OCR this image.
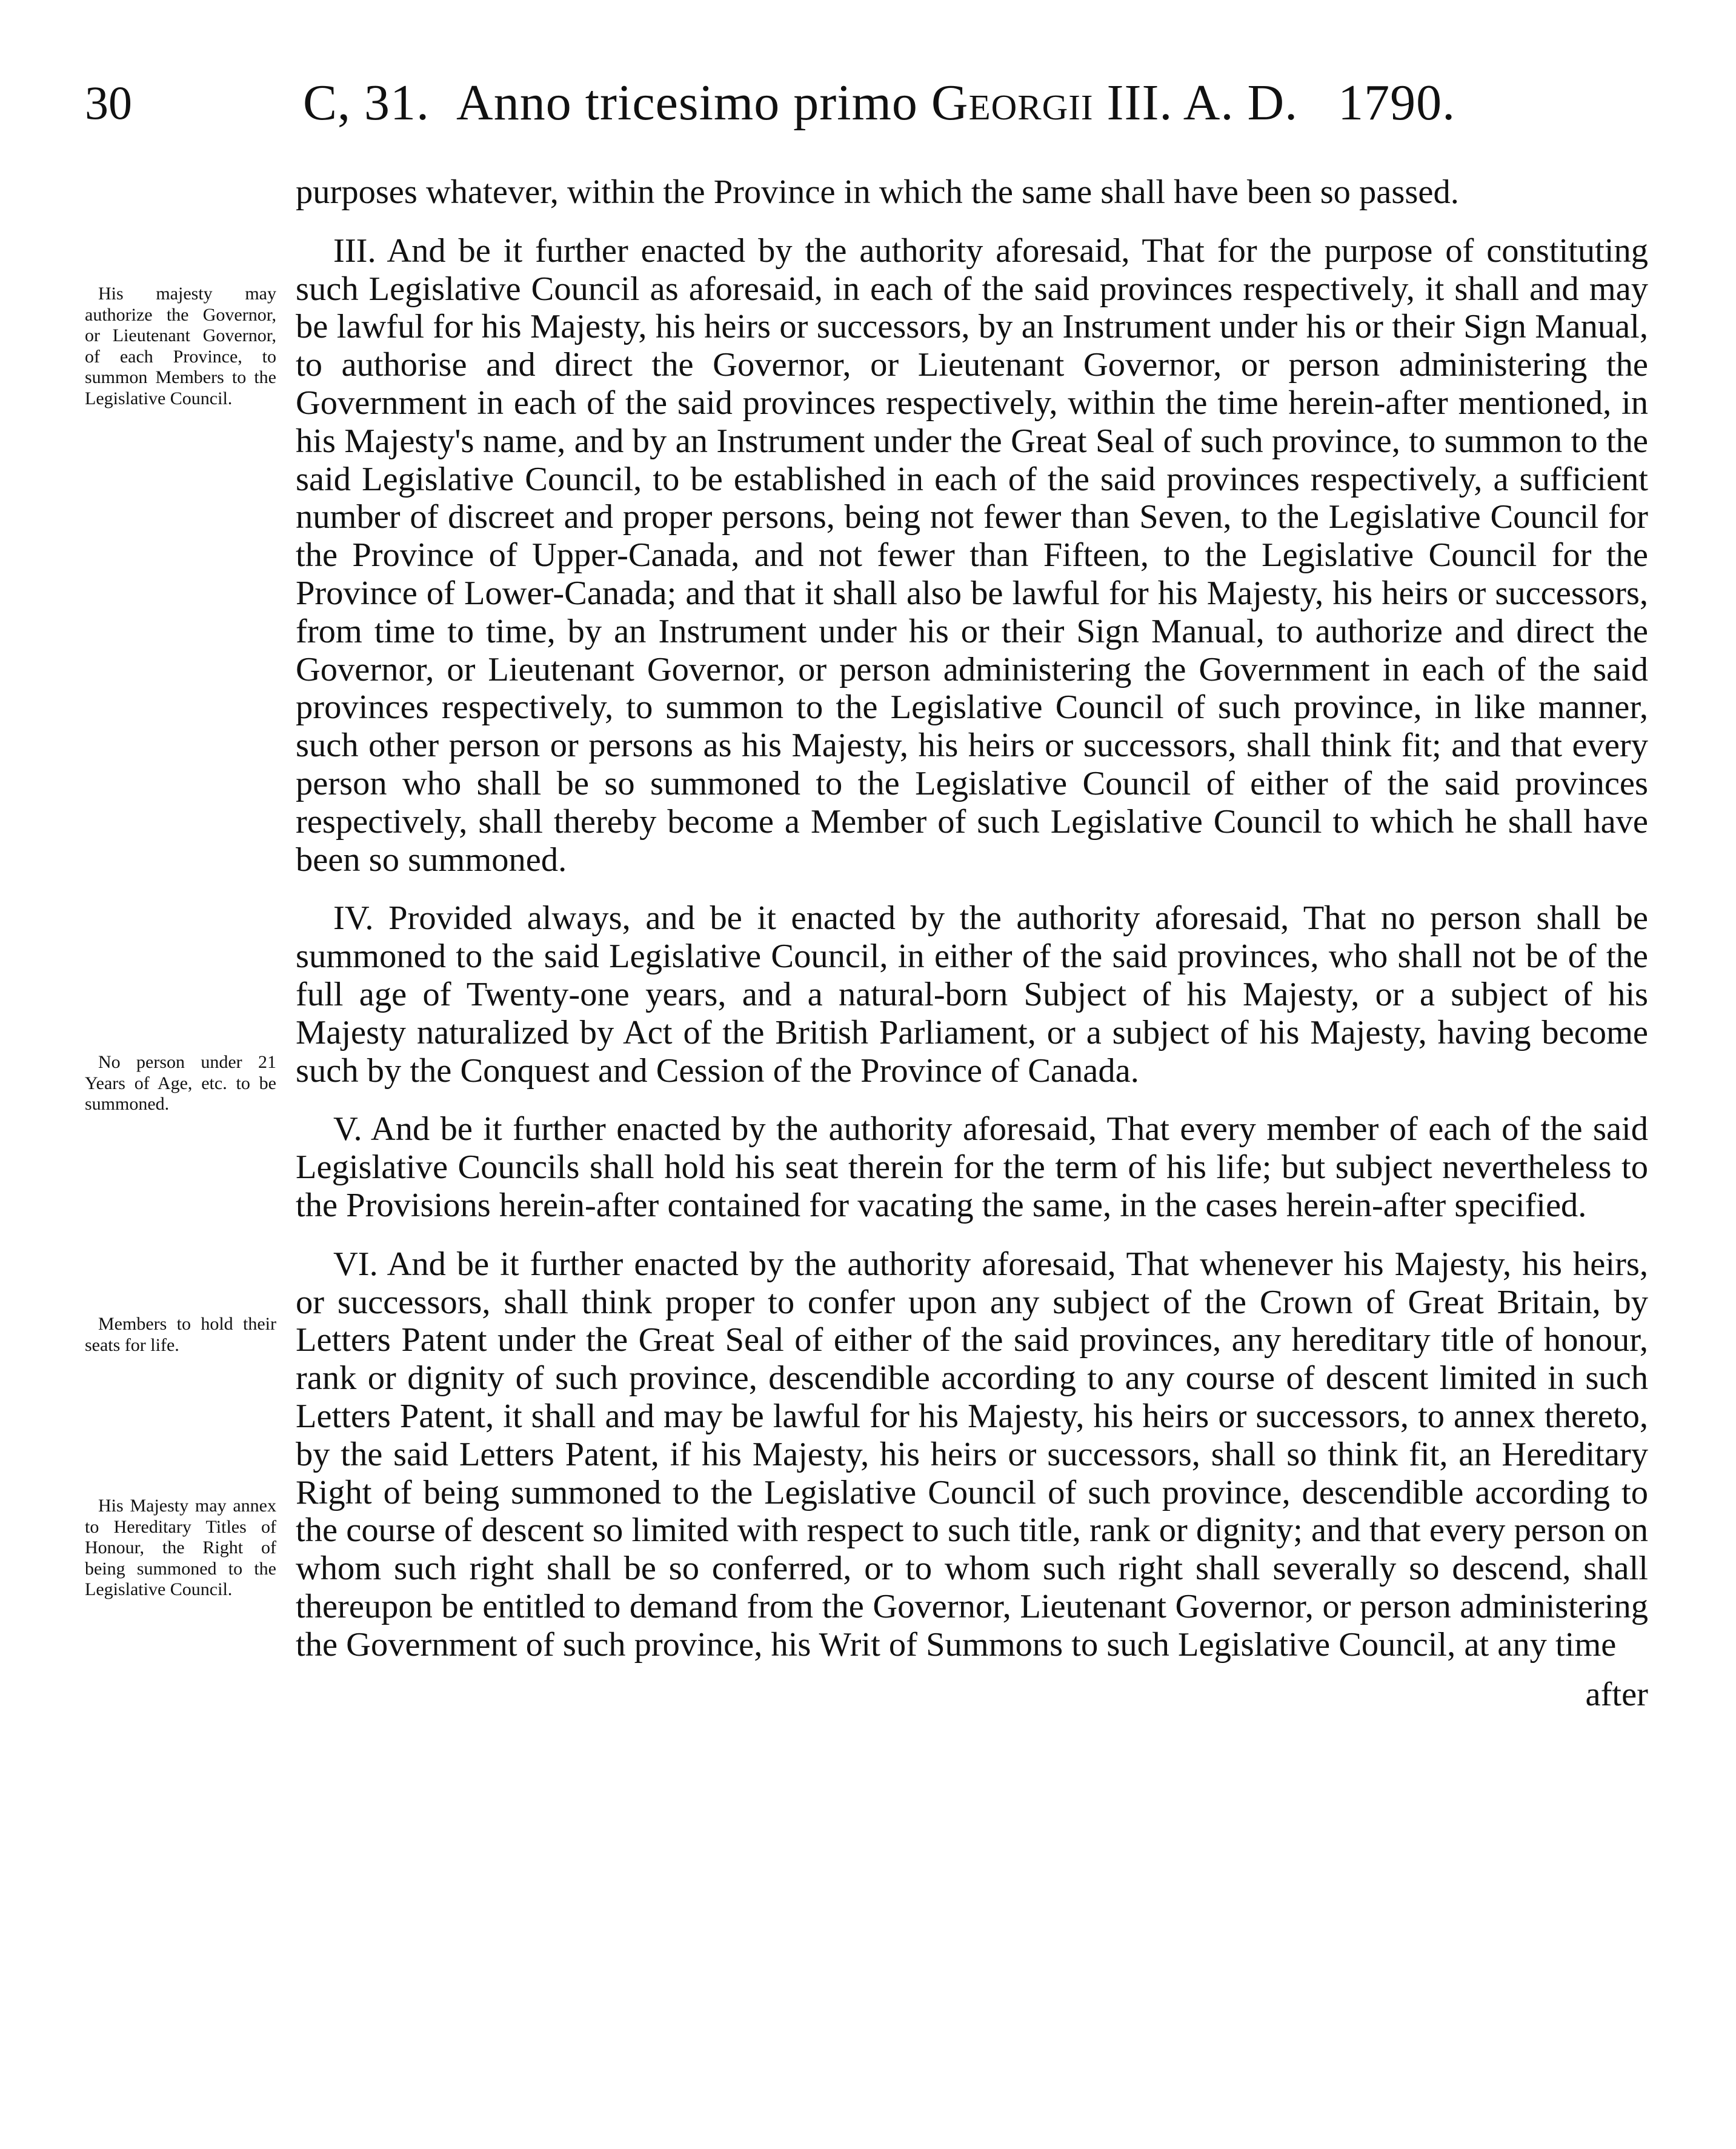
30	C, 31. Anno tricesimo primo Georgii III. A. D. 1790.
His majesty may authorize the Governor, or Lieutenant Governor, of each Province, to summon Members to the Legislative Council.
No person under 21 Years of Age, etc. to be summoned.
Members to hold their seats for life.
His Majesty may annex to Hereditary Titles of Honour, the Right of being summoned to the Legislative Council.

purposes whatever, within the Province in which the same shall have been so passed.

III. And be it further enacted by the authority aforesaid, That for the purpose of constituting such Legislative Council as aforesaid, in each of the said provinces respectively, it shall and may be lawful for his Majesty, his heirs or successors, by an Instrument under his or their Sign Manual, to authorise and direct the Governor, or Lieutenant Governor, or person administering the Government in each of the said provinces respectively, within the time herein-after mentioned, in his Majesty's name, and by an Instrument under the Great Seal of such province, to summon to the said Legislative Council, to be established in each of the said provinces respectively, a sufficient number of discreet and proper persons, being not fewer than Seven, to the Legislative Council for the Province of Upper-Canada, and not fewer than Fifteen, to the Legislative Council for the Province of Lower-Canada; and that it shall also be lawful for his Majesty, his heirs or successors, from time to time, by an Instrument under his or their Sign Manual, to authorize and direct the Governor, or Lieutenant Governor, or person administering the Government in each of the said provinces respectively, to summon to the Legislative Council of such province, in like manner, such other person or persons as his Majesty, his heirs or successors, shall think fit; and that every person who shall be so summoned to the Legislative Council of either of the said provinces respectively, shall thereby become a Member of such Legislative Council to which he shall have been so summoned.

IV. Provided always, and be it enacted by the authority aforesaid, That no person shall be summoned to the said Legislative Council, in either of the said provinces, who shall not be of the full age of Twenty-one years, and a natural-born Subject of his Majesty, or a subject of his Majesty naturalized by Act of the British Parliament, or a subject of his Majesty, having become such by the Conquest and Cession of the Province of Canada.

V. And be it further enacted by the authority aforesaid, That every member of each of the said Legislative Councils shall hold his seat therein for the term of his life; but subject nevertheless to the Provisions herein-after contained for vacating the same, in the cases herein-after specified.

VI. And be it further enacted by the authority aforesaid, That whenever his Majesty, his heirs, or successors, shall think proper to confer upon any subject of the Crown of Great Britain, by Letters Patent under the Great Seal of either of the said provinces, any hereditary title of honour, rank or dignity of such province, descendible according to any course of descent limited in such Letters Patent, it shall and may be lawful for his Majesty, his heirs or successors, to annex thereto, by the said Letters Patent, if his Majesty, his heirs or successors, shall so think fit, an Hereditary Right of being summoned to the Legislative Council of such province, descendible according to the course of descent so limited with respect to such title, rank or dignity; and that every person on whom such right shall be so conferred, or to whom such right shall severally so descend, shall thereupon be entitled to demand from the Governor, Lieutenant Governor, or person administering the Government of such province, his Writ of Summons to such Legislative Council, at any time

after
